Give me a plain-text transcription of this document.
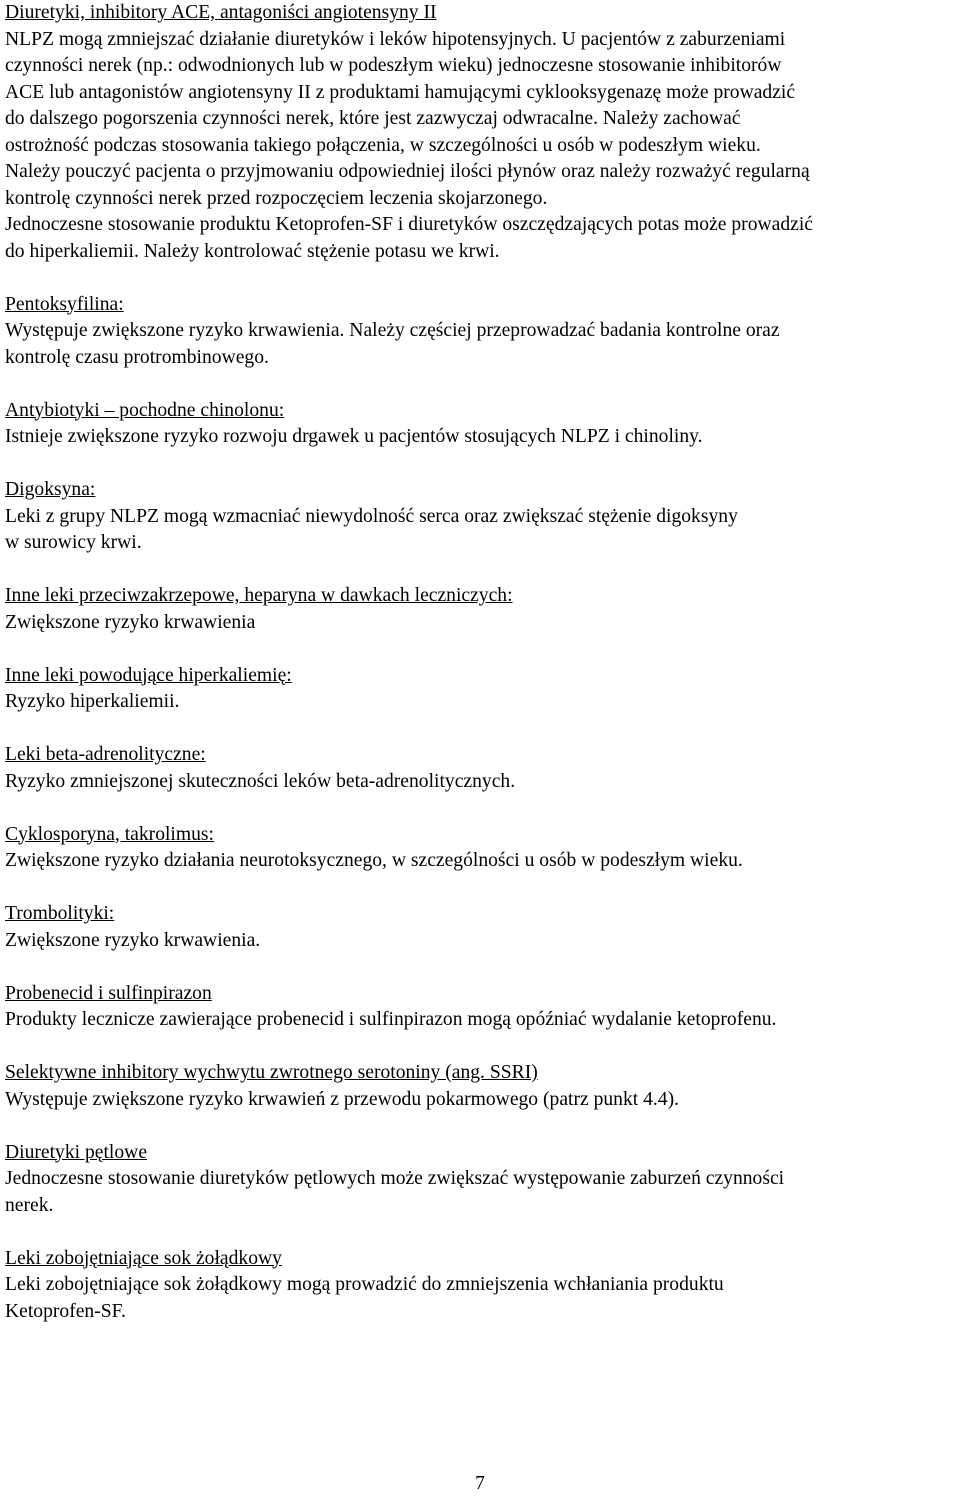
Diuretyki, inhibitory ACE, antagoniści angiotensyny II

NLPZ mogą zmniejszać działanie diuretyków i leków hipotensyjnych. U pacjentów z zaburzeniami

czynności nerek (np.: odwodnionych lub w podeszłym wieku) jednoczesne stosowanie inhibitorów

ACE lub antagonistów angiotensyny II z produktami hamującymi cyklooksygenazę może prowadzić

do dalszego pogorszenia czynności nerek, które jest zazwyczaj odwracalne. Należy zachować

ostrożność podczas stosowania takiego połączenia, w szczególności u osób w podeszłym wieku.

Należy pouczyć pacjenta o przyjmowaniu odpowiedniej ilości płynów oraz należy rozważyć regularną

kontrolę czynności nerek przed rozpoczęciem leczenia skojarzonego.

Jednoczesne stosowanie produktu Ketoprofen-SF i diuretyków oszczędzających potas może prowadzić

do hiperkaliemii. Należy kontrolować stężenie potasu we krwi.

Pentoksyfilina:

Występuje zwiększone ryzyko krwawienia. Należy częściej przeprowadzać badania kontrolne oraz

kontrolę czasu protrombinowego.

Antybiotyki – pochodne chinolonu:

Istnieje zwiększone ryzyko rozwoju drgawek u pacjentów stosujących NLPZ i chinoliny.

Digoksyna:

Leki z grupy NLPZ mogą wzmacniać niewydolność serca oraz zwiększać stężenie digoksyny

w surowicy krwi.

Inne leki przeciwzakrzepowe, heparyna w dawkach leczniczych:

Zwiększone ryzyko krwawienia

Inne leki powodujące hiperkaliemię:

Ryzyko hiperkaliemii.

Leki beta-adrenolityczne:

Ryzyko zmniejszonej skuteczności leków beta-adrenolitycznych.

Cyklosporyna, takrolimus:

Zwiększone ryzyko działania neurotoksycznego, w szczególności u osób w podeszłym wieku.

Trombolityki:

Zwiększone ryzyko krwawienia.

Probenecid i sulfinpirazon

Produkty lecznicze zawierające probenecid i sulfinpirazon mogą opóźniać wydalanie ketoprofenu.

Selektywne inhibitory wychwytu zwrotnego serotoniny (ang. SSRI)

Występuje zwiększone ryzyko krwawień z przewodu pokarmowego (patrz punkt 4.4).

Diuretyki pętlowe

Jednoczesne stosowanie diuretyków pętlowych może zwiększać występowanie zaburzeń czynności

nerek.

Leki zobojętniające sok żołądkowy

Leki zobojętniające sok żołądkowy mogą prowadzić do zmniejszenia wchłaniania produktu

Ketoprofen-SF.

7
